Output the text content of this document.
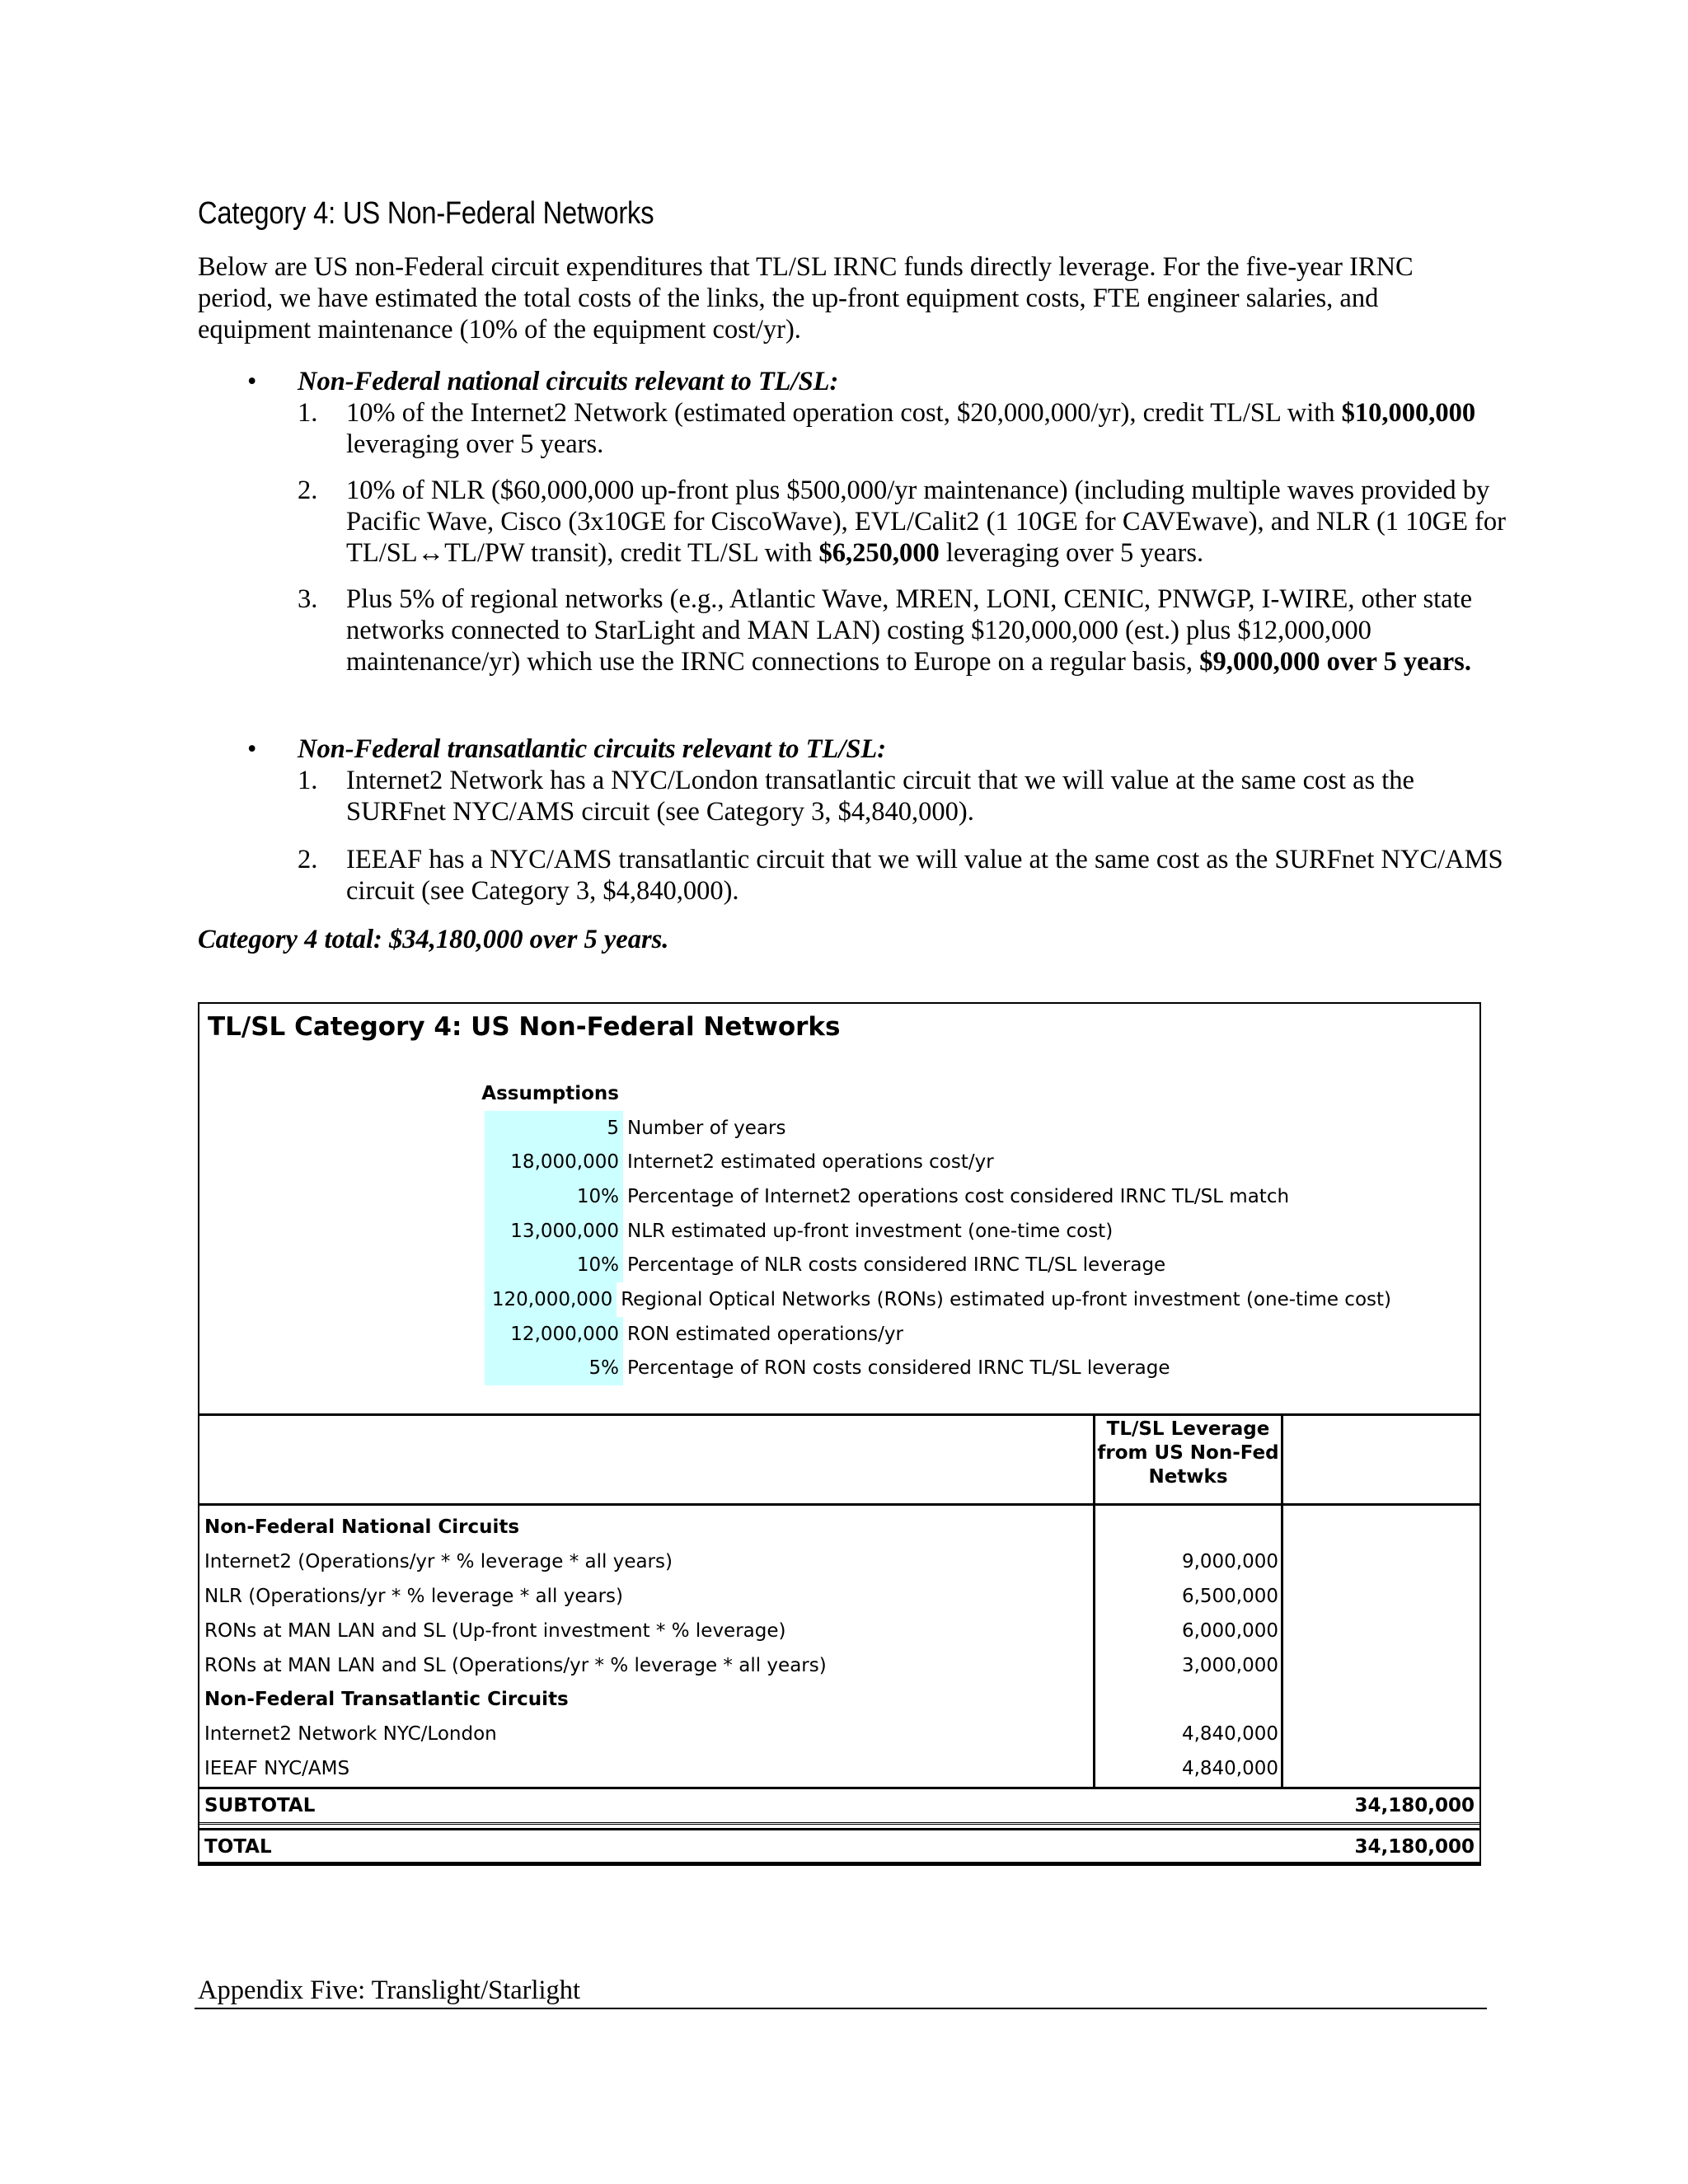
Category 4: US Non-Federal Networks

Below are US non-Federal circuit expenditures that TL/SL IRNC funds directly leverage. For the five-year IRNC period, we have estimated the total costs of the links, the up-front equipment costs, FTE engineer salaries, and equipment maintenance (10% of the equipment cost/yr).

• Non-Federal national circuits relevant to TL/SL:
1. 10% of the Internet2 Network (estimated operation cost, $20,000,000/yr), credit TL/SL with $10,000,000 leveraging over 5 years.
2. 10% of NLR ($60,000,000 up-front plus $500,000/yr maintenance) (including multiple waves provided by Pacific Wave, Cisco (3x10GE for CiscoWave), EVL/Calit2 (1 10GE for CAVEwave), and NLR (1 10GE for TL/SL↔TL/PW transit), credit TL/SL with $6,250,000 leveraging over 5 years.
3. Plus 5% of regional networks (e.g., Atlantic Wave, MREN, LONI, CENIC, PNWGP, I-WIRE, other state networks connected to StarLight and MAN LAN) costing $120,000,000 (est.) plus $12,000,000 maintenance/yr) which use the IRNC connections to Europe on a regular basis, $9,000,000 over 5 years.
• Non-Federal transatlantic circuits relevant to TL/SL:
1. Internet2 Network has a NYC/London transatlantic circuit that we will value at the same cost as the SURFnet NYC/AMS circuit (see Category 3, $4,840,000).
2. IEEAF has a NYC/AMS transatlantic circuit that we will value at the same cost as the SURFnet NYC/AMS circuit (see Category 3, $4,840,000).

Category 4 total: $34,180,000 over 5 years.

TL/SL Category 4: US Non-Federal Networks
Assumptions
5 Number of years
18,000,000 Internet2 estimated operations cost/yr
10% Percentage of Internet2 operations cost considered IRNC TL/SL match
13,000,000 NLR estimated up-front investment (one-time cost)
10% Percentage of NLR costs considered IRNC TL/SL leverage
120,000,000 Regional Optical Networks (RONs) estimated up-front investment (one-time cost)
12,000,000 RON estimated operations/yr
5% Percentage of RON costs considered IRNC TL/SL leverage
TL/SL Leverage
from US Non-Fed
Netwks
Non-Federal National Circuits
Internet2 (Operations/yr * % leverage * all years)	9,000,000
NLR (Operations/yr * % leverage * all years)	6,500,000
RONs at MAN LAN and SL (Up-front investment * % leverage)	6,000,000
RONs at MAN LAN and SL (Operations/yr * % leverage * all years)	3,000,000
Non-Federal Transatlantic Circuits
Internet2 Network NYC/London	4,840,000
IEEAF NYC/AMS	4,840,000
SUBTOTAL	34,180,000
TOTAL	34,180,000
Appendix Five: Translight/Starlight
